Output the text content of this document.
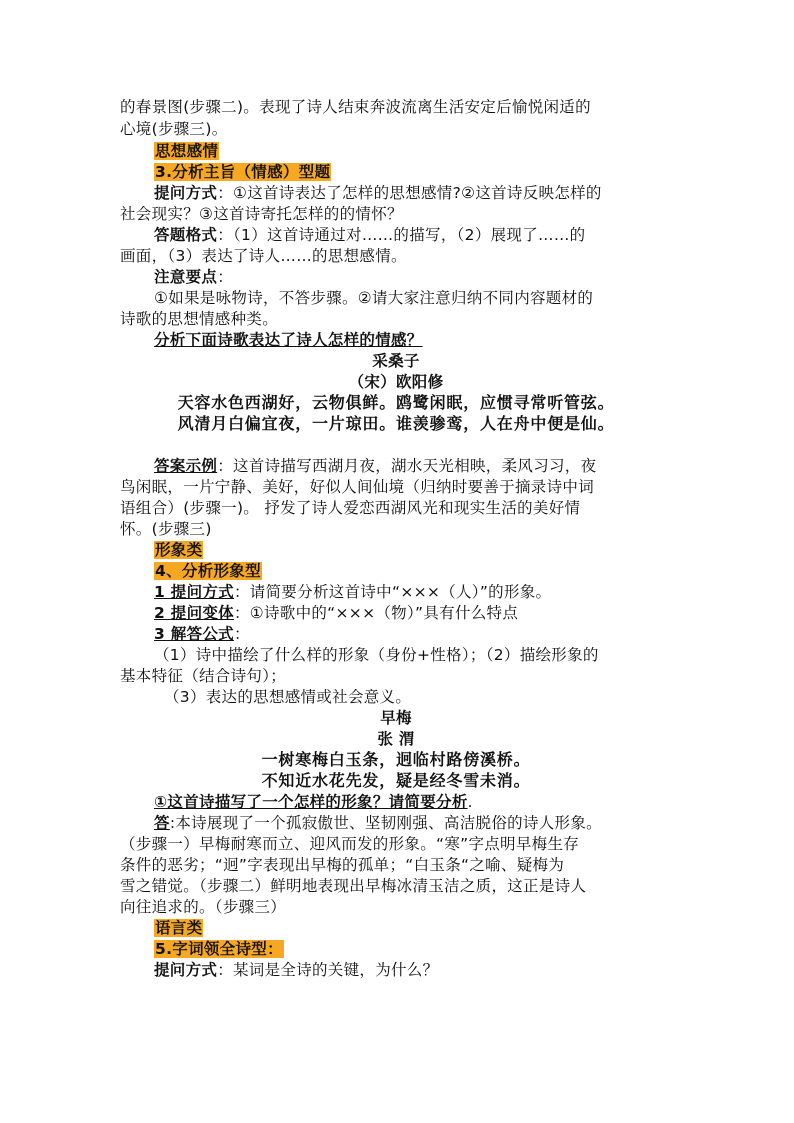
的春景图(步骤二)。表现了诗人结束奔波流离生活安定后愉悦闲适的
心境(步骤三)。
思想感情
3.分析主旨（情感）型题
提问方式：①这首诗表达了怎样的思想感情?②这首诗反映怎样的
社会现实？③这首诗寄托怎样的的情怀？
答题格式：（1）这首诗通过对……的描写，（2）展现了……的
画面，（3）表达了诗人……的思想感情。
注意要点：
①如果是咏物诗，不答步骤。②请大家注意归纳不同内容题材的
诗歌的思想情感种类。
分析下面诗歌表达了诗人怎样的情感？
采桑子
（宋）欧阳修
天容水色西湖好，云物俱鲜。鸥鹭闲眠，应惯寻常听管弦。
风清月白偏宜夜，一片琼田。谁羡骖鸾，人在舟中便是仙。
答案示例：这首诗描写西湖月夜，湖水天光相映，柔风习习，夜
鸟闲眠，一片宁静、美好，好似人间仙境（归纳时要善于摘录诗中词
语组合）(步骤一)。 抒发了诗人爱恋西湖风光和现实生活的美好情
怀。(步骤三)
形象类
4、分析形象型
1 提问方式：请简要分析这首诗中“×××（人）”的形象。
2 提问变体：①诗歌中的“×××（物）”具有什么特点
3 解答公式：
（1）诗中描绘了什么样的形象（身份+性格）；（2）描绘形象的
基本特征（结合诗句）；
（3）表达的思想感情或社会意义。
早梅
张 渭
一树寒梅白玉条，迥临村路傍溪桥。
不知近水花先发，疑是经冬雪未消。
①这首诗描写了一个怎样的形象？请简要分析.
答:本诗展现了一个孤寂傲世、坚韧刚强、高洁脱俗的诗人形象。
（步骤一）早梅耐寒而立、迎风而发的形象。“寒”字点明早梅生存
条件的恶劣；“迥”字表现出早梅的孤单；“白玉条“之喻、疑梅为
雪之错觉。（步骤二）鲜明地表现出早梅冰清玉洁之质，这正是诗人
向往追求的。（步骤三）
语言类
5.字词领全诗型：
提问方式：某词是全诗的关键，为什么？
